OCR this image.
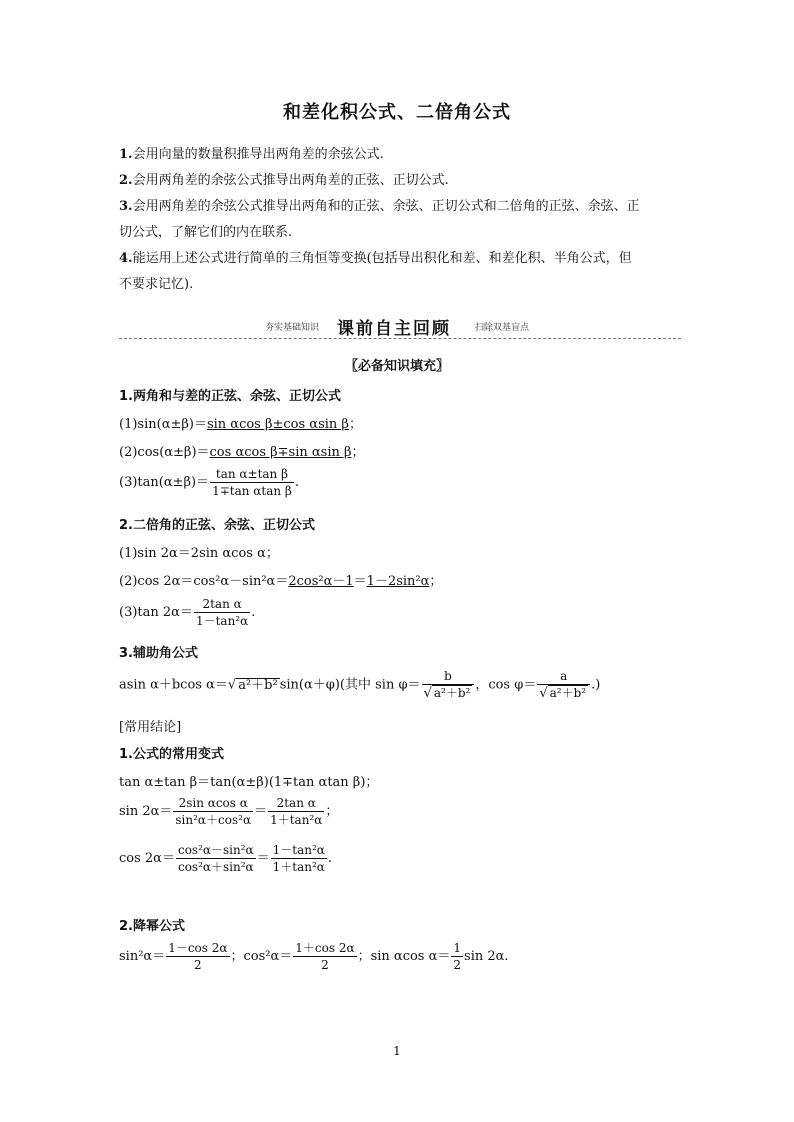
和差化积公式、二倍角公式

1.会用向量的数量积推导出两角差的余弦公式.

2.会用两角差的余弦公式推导出两角差的正弦、正切公式.

3.会用两角差的余弦公式推导出两角和的正弦、余弦、正切公式和二倍角的正弦、余弦、正

切公式，了解它们的内在联系.

4.能运用上述公式进行简单的三角恒等变换(包括导出积化和差、和差化积、半角公式，但

不要求记忆).

夯实基础知识 课前自主回顾	扫除双基盲点
〖必备知识填充〗
1.两角和与差的正弦、余弦、正切公式
(1)sin(α±β)＝sin αcos β±cos αsin β；
(2)cos(α±β)＝cos αcos β∓sin αsin β；
$(3)\tan(\alpha\pm\beta)= \frac{\text{tan α±tan β}}{\text{1∓tan αtan β}}$ .
2.二倍角的正弦、余弦、正切公式
(1)sin 2α＝2sin αcos α；
(2)cos 2α＝cos²α－sin²α＝2cos²α－1＝1－2sin²α；
(3)tan $2\alpha= \frac{\text{2tan α}}{\text{1－tan²α}}$ .
3.辅助角公式
asin α＋bcos α＝√ a²＋b² sin(α＋φ)(其中 $\sin \varphi= \frac{b}{\text{√ a²＋b²}}$ ，$\cos \varphi= \frac{a}{\text{√ a²＋b²}}$ .)
[常用结论]
1.公式的常用变式
tan α±tan β＝tan(α±β)(1∓tan αtan β)；
$\sin 2\alpha= \frac{\text{2sin αcos α}}{\text{sin²α＋cos²α}} = \frac{\text{2tan α}}{\text{1＋tan²α}}$ ；
$\cos 2\alpha= \frac{\text{cos²α－sin²α}}{\text{cos²α＋sin²α}} = \frac{\text{1－tan²α}}{\text{1＋tan²α}}$ .
2.降幂公式
$\sin^2\alpha= \frac{1-\cos 2\alpha}{2}$ ；$\cos^2\alpha= \frac{1+\cos 2\alpha}{2}$ ；sin αcos $\alpha= \frac{1}{2}$ sin 2α.
1
